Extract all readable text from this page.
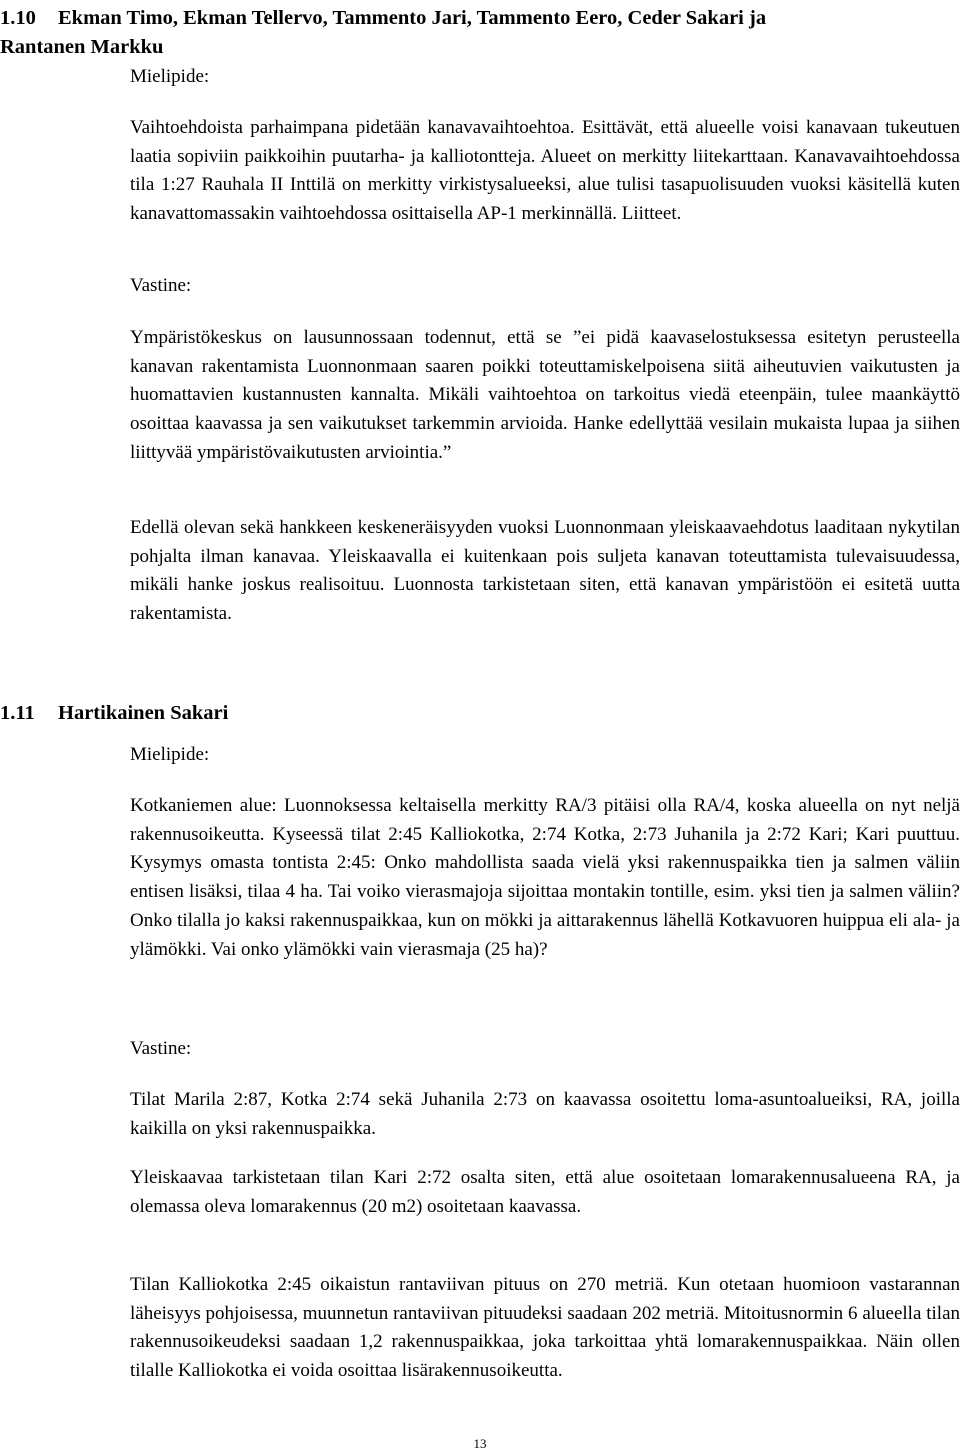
1.10 Ekman Timo, Ekman Tellervo, Tammento Jari, Tammento Eero, Ceder Sakari ja
Rantanen Markku
Mielipide:
Vaihtoehdoista parhaimpana pidetään kanavavaihtoehtoa. Esittävät, että alueelle voisi kanavaan tukeutuen laatia sopiviin paikkoihin puutarha- ja kalliotontteja. Alueet on merkitty liitekarttaan. Kanavavaihtoehdossa tila 1:27 Rauhala II Inttilä on merkitty virkistysalueeksi, alue tulisi tasapuolisuuden vuoksi käsitellä kuten kanavattomassakin vaihtoehdossa osittaisella AP-1 merkinnällä. Liitteet.
Vastine:
Ympäristökeskus on lausunnossaan todennut, että se ”ei pidä kaavaselostuksessa esitetyn perusteella kanavan rakentamista Luonnonmaan saaren poikki toteuttamiskelpoisena siitä aiheutuvien vaikutusten ja huomattavien kustannusten kannalta. Mikäli vaihtoehtoa on tarkoitus viedä eteenpäin, tulee maankäyttö osoittaa kaavassa ja sen vaikutukset tarkemmin arvioida. Hanke edellyttää vesilain mukaista lupaa ja siihen liittyvää ympäristövaikutusten arviointia.”
Edellä olevan sekä hankkeen keskeneräisyyden vuoksi Luonnonmaan yleiskaavaehdotus laaditaan nykytilan pohjalta ilman kanavaa. Yleiskaavalla ei kuitenkaan pois suljeta kanavan toteuttamista tulevaisuudessa, mikäli hanke joskus realisoituu. Luonnosta tarkistetaan siten, että kanavan ympäristöön ei esitetä uutta rakentamista.
1.11 Hartikainen Sakari
Mielipide:
Kotkaniemen alue: Luonnoksessa keltaisella merkitty RA/3 pitäisi olla RA/4, koska alueella on nyt neljä rakennusoikeutta. Kyseessä tilat 2:45 Kalliokotka, 2:74 Kotka, 2:73 Juhanila ja 2:72 Kari; Kari puuttuu. Kysymys omasta tontista 2:45: Onko mahdollista saada vielä yksi rakennuspaikka tien ja salmen väliin entisen lisäksi, tilaa 4 ha. Tai voiko vierasmajoja sijoittaa montakin tontille, esim. yksi tien ja salmen väliin? Onko tilalla jo kaksi rakennuspaikkaa, kun on mökki ja aittarakennus lähellä Kotkavuoren huippua eli ala- ja ylämökki. Vai onko ylämökki vain vierasmaja (25 ha)?
Vastine:
Tilat Marila 2:87, Kotka 2:74 sekä Juhanila 2:73 on kaavassa osoitettu loma-asuntoalueiksi, RA, joilla kaikilla on yksi rakennuspaikka.
Yleiskaavaa tarkistetaan tilan Kari 2:72 osalta siten, että alue osoitetaan lomarakennusalueena RA, ja olemassa oleva lomarakennus (20 m2) osoitetaan kaavassa.
Tilan Kalliokotka 2:45 oikaistun rantaviivan pituus on 270 metriä. Kun otetaan huomioon vastarannan läheisyys pohjoisessa, muunnetun rantaviivan pituudeksi saadaan 202 metriä. Mitoitusnormin 6 alueella tilan rakennusoikeudeksi saadaan 1,2 rakennuspaikkaa, joka tarkoittaa yhtä lomarakennuspaikkaa. Näin ollen tilalle Kalliokotka ei voida osoittaa lisärakennusoikeutta.
13
